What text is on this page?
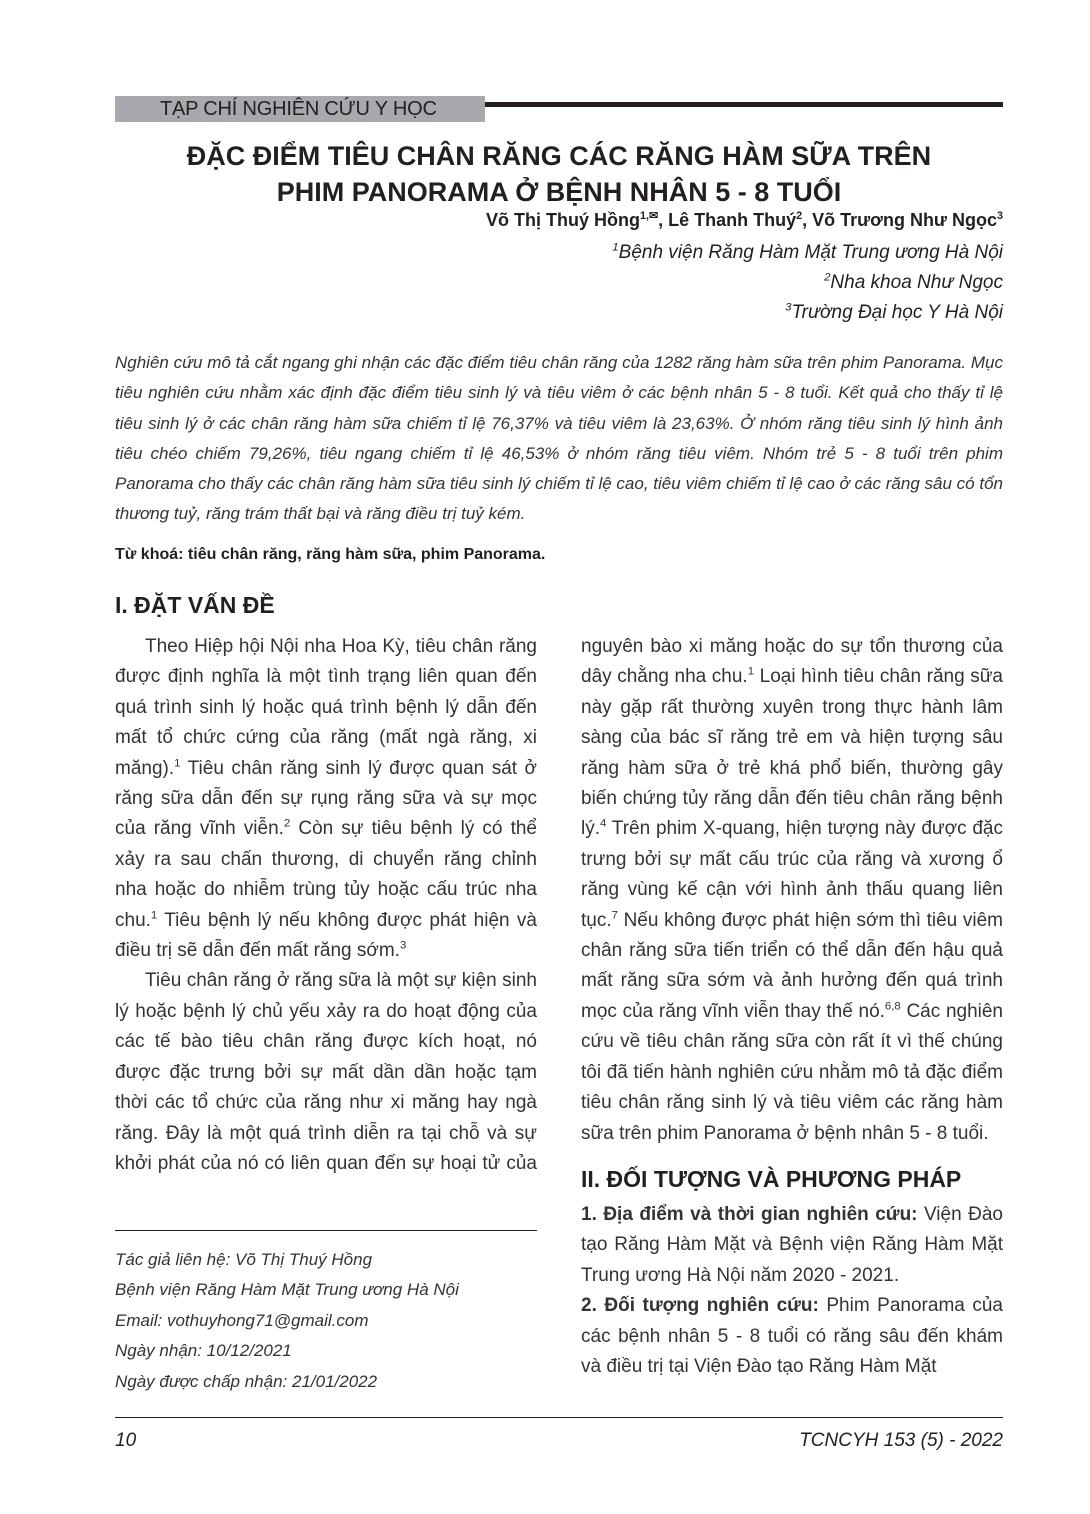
TẠP CHÍ NGHIÊN CỨU Y HỌC
ĐẶC ĐIỂM TIÊU CHÂN RĂNG CÁC RĂNG HÀM SỮA TRÊN
PHIM PANORAMA Ở BỆNH NHÂN 5 - 8 TUỔI
Võ Thị Thuý Hồng$^{1,✉}$, Lê Thanh Thuý$^2$, Võ Trương Như Ngọc$^3$
$^1$Bệnh viện Răng Hàm Mặt Trung ương Hà Nội
$^2$Nha khoa Như Ngọc
$^3$Trường Đại học Y Hà Nội
Nghiên cứu mô tả cắt ngang ghi nhận các đặc điểm tiêu chân răng của 1282 răng hàm sữa trên phim Panorama. Mục tiêu nghiên cứu nhằm xác định đặc điểm tiêu sinh lý và tiêu viêm ở các bệnh nhân 5 - 8 tuổi. Kết quả cho thấy tỉ lệ tiêu sinh lý ở các chân răng hàm sữa chiếm tỉ lệ 76,37% và tiêu viêm là 23,63%. Ở nhóm răng tiêu sinh lý hình ảnh tiêu chéo chiếm 79,26%, tiêu ngang chiếm tỉ lệ 46,53% ở nhóm răng tiêu viêm. Nhóm trẻ 5 - 8 tuổi trên phim Panorama cho thấy các chân răng hàm sữa tiêu sinh lý chiếm tỉ lệ cao, tiêu viêm chiếm tỉ lệ cao ở các răng sâu có tổn thương tuỷ, răng trám thất bại và răng điều trị tuỷ kém.
Từ khoá: tiêu chân răng, răng hàm sữa, phim Panorama.
I. ĐẶT VẤN ĐỀ

Theo Hiệp hội Nội nha Hoa Kỳ, tiêu chân răng được định nghĩa là một tình trạng liên quan đến quá trình sinh lý hoặc quá trình bệnh lý dẫn đến mất tổ chức cứng của răng (mất ngà răng, xi măng).$^1$ Tiêu chân răng sinh lý được quan sát ở răng sữa dẫn đến sự rụng răng sữa và sự mọc của răng vĩnh viễn.$^2$ Còn sự tiêu bệnh lý có thể xảy ra sau chấn thương, di chuyển răng chỉnh nha hoặc do nhiễm trùng tủy hoặc cấu trúc nha chu.$^1$ Tiêu bệnh lý nếu không được phát hiện và điều trị sẽ dẫn đến mất răng sớm.$^3$

Tiêu chân răng ở răng sữa là một sự kiện sinh lý hoặc bệnh lý chủ yếu xảy ra do hoạt động của các tế bào tiêu chân răng được kích hoạt, nó được đặc trưng bởi sự mất dần dần hoặc tạm thời các tổ chức của răng như xi măng hay ngà răng. Đây là một quá trình diễn ra tại chỗ và sự khởi phát của nó có liên quan đến sự hoại tử của nguyên bào xi măng hoặc do sự tổn thương của dây chằng nha chu.$^1$ Loại hình tiêu chân răng sữa này gặp rất thường xuyên trong thực hành lâm sàng của bác sĩ răng trẻ em và hiện tượng sâu răng hàm sữa ở trẻ khá phổ biến, thường gây biến chứng tủy răng dẫn đến tiêu chân răng bệnh lý.$^4$ Trên phim X-quang, hiện tượng này được đặc trưng bởi sự mất cấu trúc của răng và xương ổ răng vùng kế cận với hình ảnh thấu quang liên tục.$^7$ Nếu không được phát hiện sớm thì tiêu viêm chân răng sữa tiến triển có thể dẫn đến hậu quả mất răng sữa sớm và ảnh hưởng đến quá trình mọc của răng vĩnh viễn thay thế nó.$^{6,8}$ Các nghiên cứu về tiêu chân răng sữa còn rất ít vì thế chúng tôi đã tiến hành nghiên cứu nhằm mô tả đặc điểm tiêu chân răng sinh lý và tiêu viêm các răng hàm sữa trên phim Panorama ở bệnh nhân 5 - 8 tuổi.

II. ĐỐI TƯỢNG VÀ PHƯƠNG PHÁP
1. Địa điểm và thời gian nghiên cứu: Viện Đào tạo Răng Hàm Mặt và Bệnh viện Răng Hàm Mặt Trung ương Hà Nội năm 2020 - 2021.
2. Đối tượng nghiên cứu: Phim Panorama của các bệnh nhân 5 - 8 tuổi có răng sâu đến khám và điều trị tại Viện Đào tạo Răng Hàm Mặt
Tác giả liên hệ: Võ Thị Thuý Hồng
Bệnh viện Răng Hàm Mặt Trung ương Hà Nội
Email: vothuyhong71@gmail.com
Ngày nhận: 10/12/2021
Ngày được chấp nhận: 21/01/2022
10	TCNCYH 153 (5) - 2022
